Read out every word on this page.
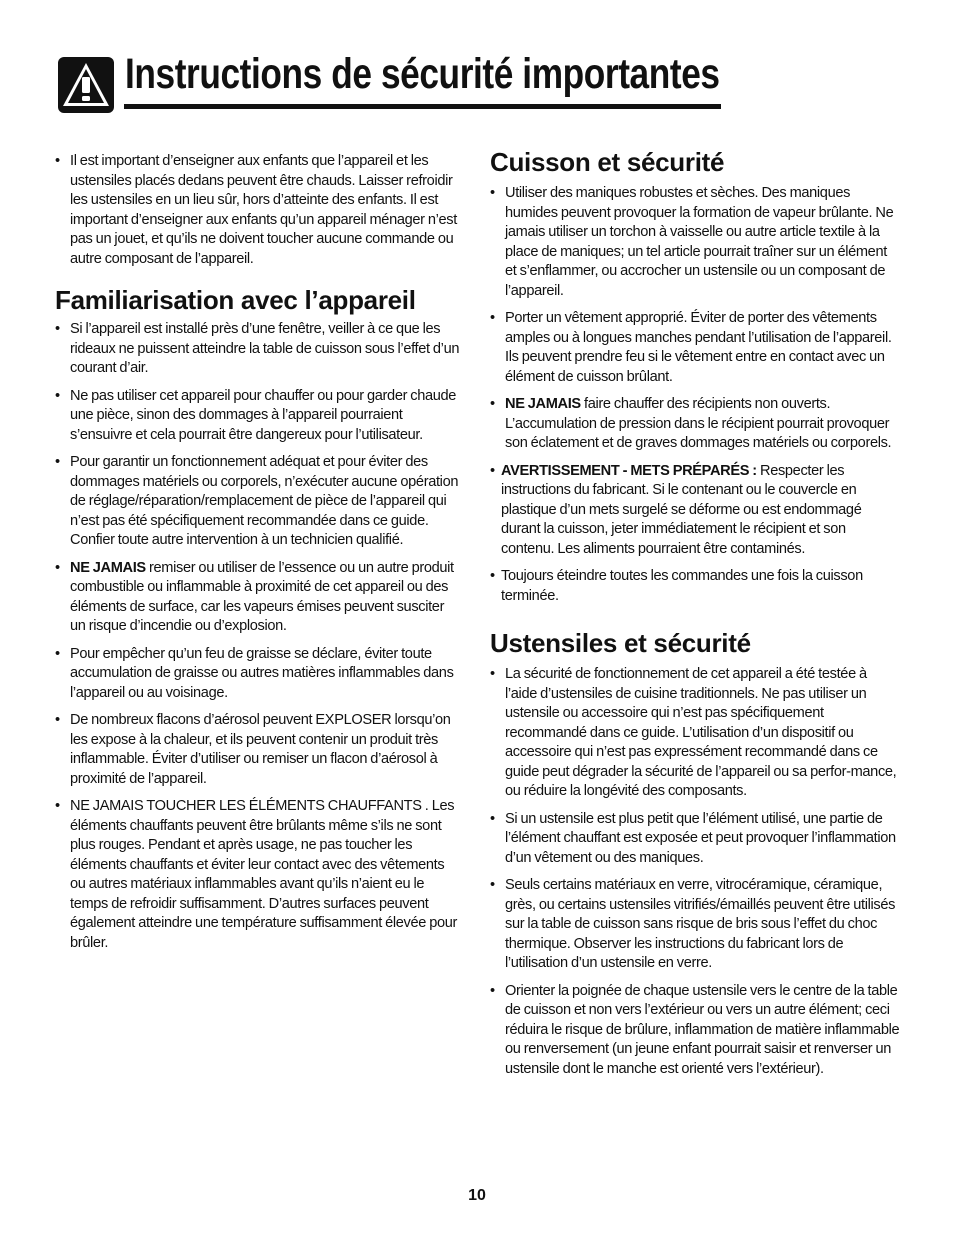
Instructions de sécurité importantes
• Il est important d’enseigner aux enfants que l’appareil et les ustensiles placés dedans peuvent être chauds. Laisser refroidir les ustensiles en un lieu sûr, hors d’atteinte des enfants. Il est important d’enseigner aux enfants qu’un appareil ménager n’est pas un jouet, et qu’ils ne doivent toucher aucune commande ou autre composant de l’appareil.
Familiarisation avec l’appareil
• Si l’appareil est installé près d’une fenêtre, veiller à ce que les rideaux ne puissent atteindre la table de cuisson sous l’effet d’un courant d’air.
• Ne pas utiliser cet appareil pour chauffer ou pour garder chaude une pièce, sinon des dommages à l’appareil pourraient s’ensuivre et cela pourrait être dangereux pour l’utilisateur.
• Pour garantir un fonctionnement adéquat et pour éviter des dommages matériels ou corporels, n’exécuter aucune opération de réglage/réparation/remplacement de pièce de l’appareil qui n’est pas été spécifiquement recommandée dans ce guide. Confier toute autre intervention à un technicien qualifié.
• NE JAMAIS remiser ou utiliser de l’essence ou un autre produit combustible ou inflammable à proximité de cet appareil ou des éléments de surface, car les vapeurs émises peuvent susciter un risque d’incendie ou d’explosion.
• Pour empêcher qu’un feu de graisse se déclare, éviter toute accumulation de graisse ou autres matières inflammables dans l’appareil ou au voisinage.
• De nombreux flacons d’aérosol peuvent EXPLOSER lorsqu’on les expose à la chaleur, et ils peuvent contenir un produit très inflammable. Éviter d’utiliser ou remiser un flacon d’aérosol à proximité de l’appareil.
• NE JAMAIS TOUCHER LES ÉLÉMENTS CHAUFFANTS . Les éléments chauffants peuvent être brûlants même s’ils ne sont plus rouges. Pendant et après usage, ne pas toucher les éléments chauffants et éviter leur contact avec des vêtements ou autres matériaux inflammables avant qu’ils n’aient eu le temps de refroidir suffisamment. D’autres surfaces peuvent également atteindre une température suffisamment élevée pour brûler.
Cuisson et sécurité
• Utiliser des maniques robustes et sèches. Des maniques humides peuvent provoquer la formation de vapeur brûlante. Ne jamais utiliser un torchon à vaisselle ou autre article textile à la place de maniques; un tel article pourrait traîner sur un élément et s’enflammer, ou accrocher un ustensile ou un composant de l’appareil.
• Porter un vêtement approprié. Éviter de porter des vêtements amples ou à longues manches pendant l’utilisation de l’appareil. Ils peuvent prendre feu si le vêtement entre en contact avec un élément de cuisson brûlant.
• NE JAMAIS faire chauffer des récipients non ouverts. L’accumulation de pression dans le récipient pourrait provoquer son éclatement et de graves dommages matériels ou corporels.
• AVERTISSEMENT - METS PRÉPARÉS : Respecter les instructions du fabricant. Si le contenant ou le couvercle en plastique d’un mets surgelé se déforme ou est endommagé durant la cuisson, jeter immédiatement le récipient et son contenu. Les aliments pourraient être contaminés.
• Toujours éteindre toutes les commandes une fois la cuisson terminée.
Ustensiles et sécurité
• La sécurité de fonctionnement de cet appareil a été testée à l’aide d’ustensiles de cuisine traditionnels. Ne pas utiliser un ustensile ou accessoire qui n’est pas spécifiquement recommandé dans ce guide. L’utilisation d’un dispositif ou accessoire qui n’est pas expressément recommandé dans ce guide peut dégrader la sécurité de l’appareil ou sa perfor-mance, ou réduire la longévité des composants.
• Si un ustensile est plus petit que l’élément utilisé, une partie de l’élément chauffant est exposée et peut provoquer l’inflammation d’un vêtement ou des maniques.
• Seuls certains matériaux en verre, vitrocéramique, céramique, grès, ou certains ustensiles vitrifiés/émaillés peuvent être utilisés sur la table de cuisson sans risque de bris sous l’effet du choc thermique. Observer les instructions du fabricant lors de l’utilisation d’un ustensile en verre.
• Orienter la poignée de chaque ustensile vers le centre de la table de cuisson et non vers l’extérieur ou vers un autre élément; ceci réduira le risque de brûlure, inflammation de matière inflammable ou renversement (un jeune enfant pourrait saisir et renverser un ustensile dont le manche est orienté vers l’extérieur).
10
